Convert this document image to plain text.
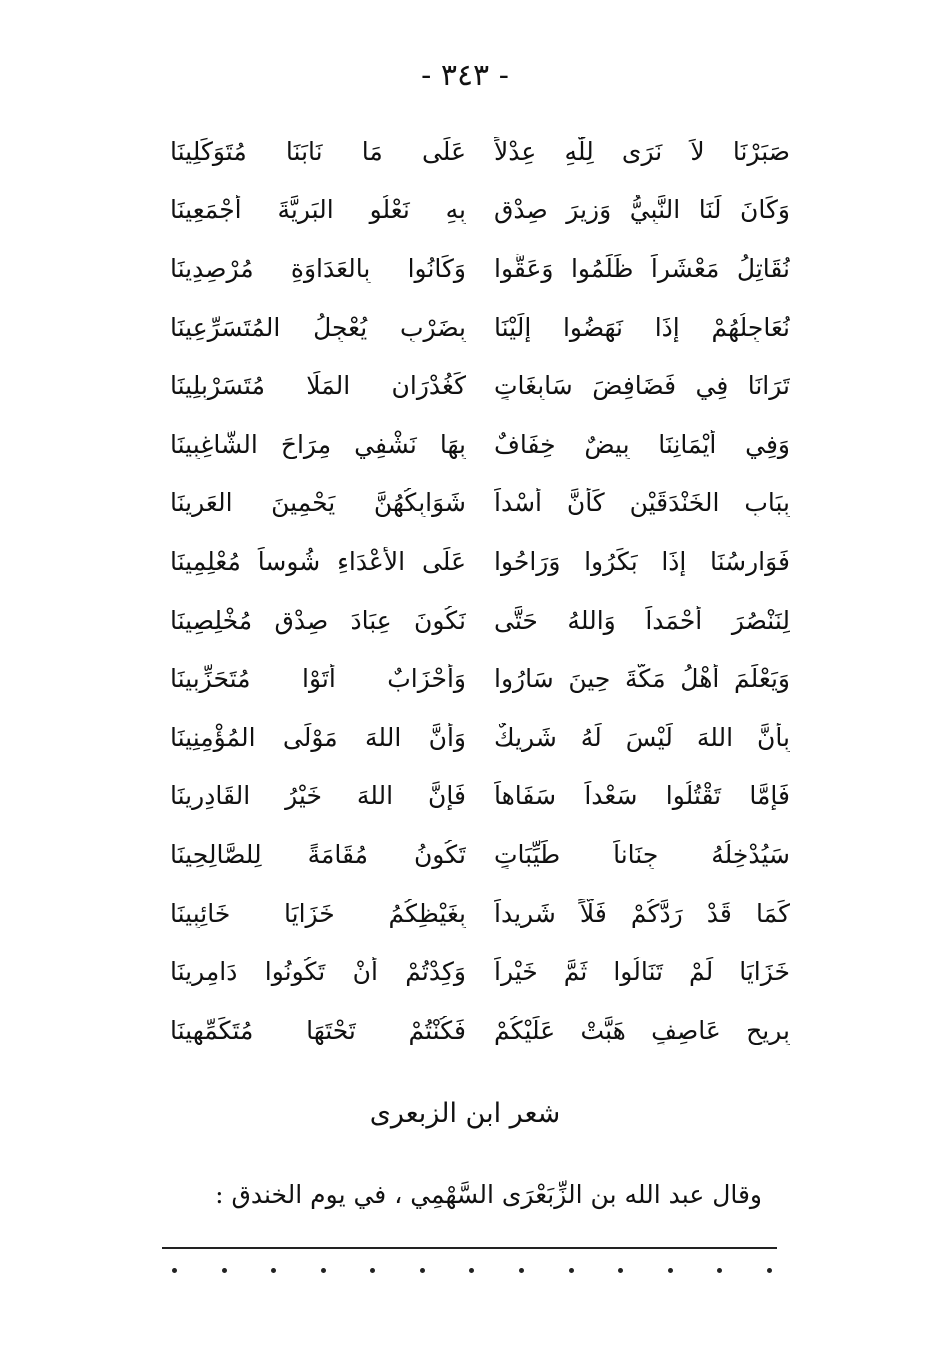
- ٣٤٣ -
صَبَرْنَا لاَ نَرَى لِلّٰهِ عِدْلاً
عَلَى مَا نَابَنَا مُتَوَكِّلِينَا
وَكَانَ لَنَا النَّبِيُّ وَزِيرَ صِدْقٍ
بِهِ نَعْلُو البَرِيَّةَ أَجْمَعِينَا
نُقَاتِلُ مَعْشَراً ظَلَمُوا وَعَقُّوا
وَكَانُوا بِالعَدَاوَةِ مُرْصِدِينَا
نُعَاجِلُهُمْ إِذَا نَهَضُوا إِلَيْنَا
بِضَرْبٍ يُعْجِلُ المُتَسَرِّعِينَا
تَرَانَا فِي فَضَافِضَ سَابِغَاتٍ
كَغُدْرَانِ المَلَا مُتَسَرْبِلِينَا
وَفِي أَيْمَانِنَا بِيضٌ خِفَافٌ
بِهَا نَشْفِي مِرَاحَ الشَّاغِبِينَا
بِبَابِ الخَنْدَقَيْنِ كَأَنَّ أُسْداً
شَوَابِكُهُنَّ يَحْمِينَ العَرِينَا
فَوَارِسُنَا إِذَا بَكَرُوا وَرَاحُوا
عَلَى الأَعْدَاءِ شُوساً مُعْلِمِينَا
لِنَنْصُرَ أَحْمَداً وَاللهُ حَتَّى
نَكُونَ عِبَادَ صِدْقٍ مُخْلِصِينَا
وَيَعْلَمَ أَهْلُ مَكَّةَ حِينَ سَارُوا
وَأَحْزَابٌ أَتَوْا مُتَحَزِّبِينَا
بِأَنَّ اللهَ لَيْسَ لَهُ شَرِيكٌ
وَأَنَّ اللهَ مَوْلَى المُؤْمِنِينَا
فَإِمَّا تَقْتُلُوا سَعْداً سَفَاهاً
فَإِنَّ اللهَ خَيْرُ القَادِرِينَا
سَيُدْخِلُهُ جِنَاناً طَيِّبَاتٍ
تَكُونُ مُقَامَةً لِلصَّالِحِينَا
كَمَا قَدْ رَدَّكُمْ فَلّاً شَرِيداً
بِغَيْظِكُمُ خَزَايَا خَائِبِينَا
خَزَايَا لَمْ تَنَالُوا ثَمَّ خَيْراً
وَكِدْتُمْ أَنْ تَكُونُوا دَامِرِينَا
بِرِيحٍ عَاصِفٍ هَبَّتْ عَلَيْكُمْ
فَكُنْتُمْ تَحْتَهَا مُتَكَمِّهِينَا
شعر ابن الزبعرى
وقال عبد الله بن الزِّبَعْرَى السَّهْمِي ، في يوم الخندق :
